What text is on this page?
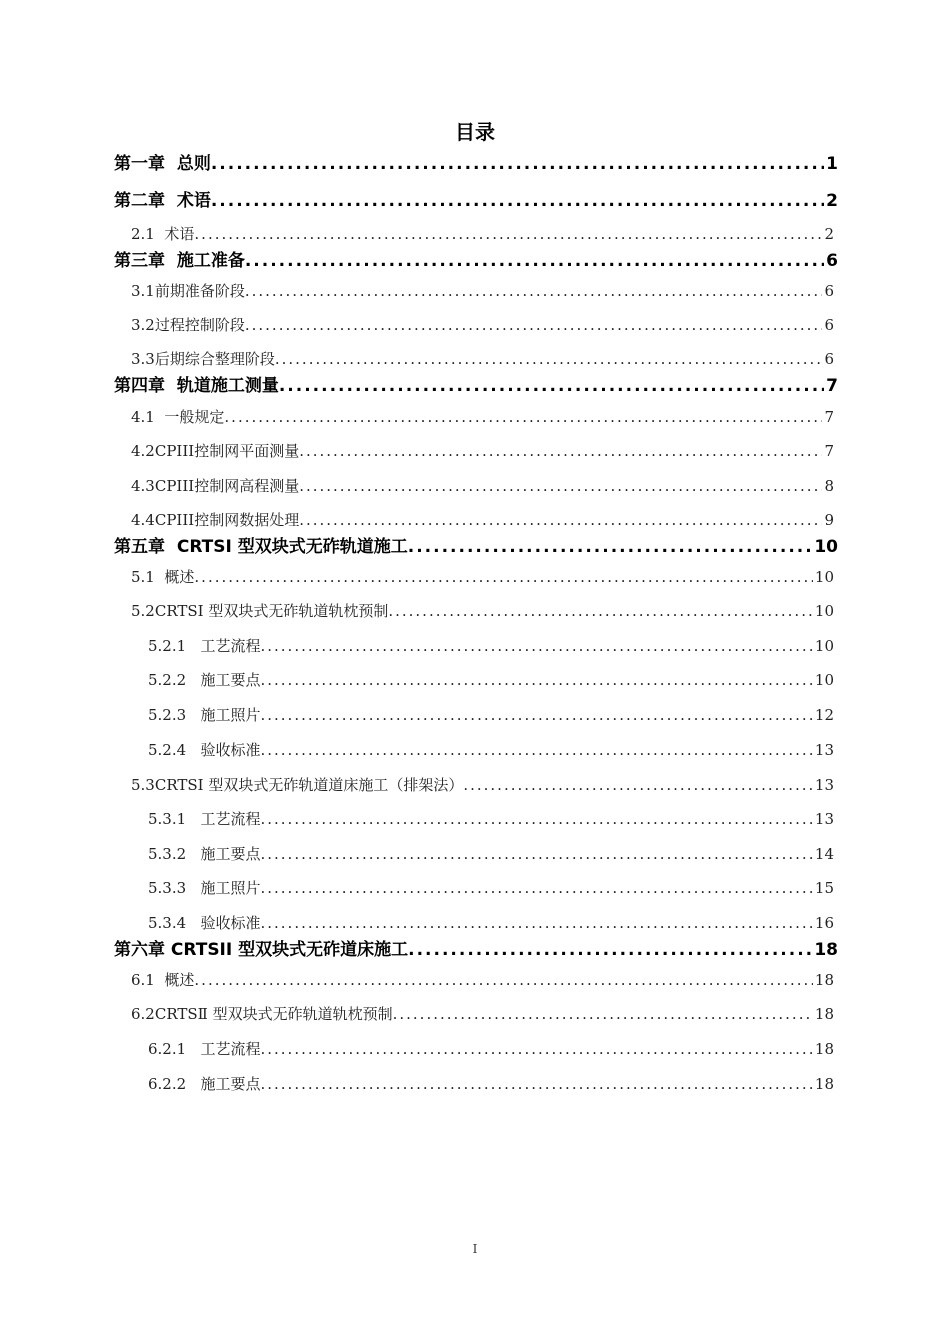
目录
第一章  总则 .....	1
第二章  术语 .....	2
2.1  术语 .....	2
第三章  施工准备 .....	6
3.1前期准备阶段 .....	6
3.2过程控制阶段 .....	6
3.3后期综合整理阶段 .....	6
第四章  轨道施工测量 .....	7
4.1  一般规定 .....	7
4.2CPIII控制网平面测量 .....	7
4.3CPIII控制网高程测量 .....	8
4.4CPIII控制网数据处理 .....	9
第五章  CRTSI 型双块式无砟轨道施工 .....	10
5.1  概述 .....	10
5.2CRTSI 型双块式无砟轨道轨枕预制 .....	10
5.2.1   工艺流程 .....	10
5.2.2   施工要点 .....	10
5.2.3   施工照片 .....	12
5.2.4   验收标准 .....	13
5.3CRTSI 型双块式无砟轨道道床施工（排架法） .....	13
5.3.1   工艺流程 .....	13
5.3.2   施工要点 .....	14
5.3.3   施工照片 .....	15
5.3.4   验收标准 .....	16
第六章 CRTSII 型双块式无砟道床施工 .....	18
6.1  概述 .....	18
6.2CRTSⅡ 型双块式无砟轨道轨枕预制 .....	18
6.2.1   工艺流程 .....	18
6.2.2   施工要点 .....	18
I
